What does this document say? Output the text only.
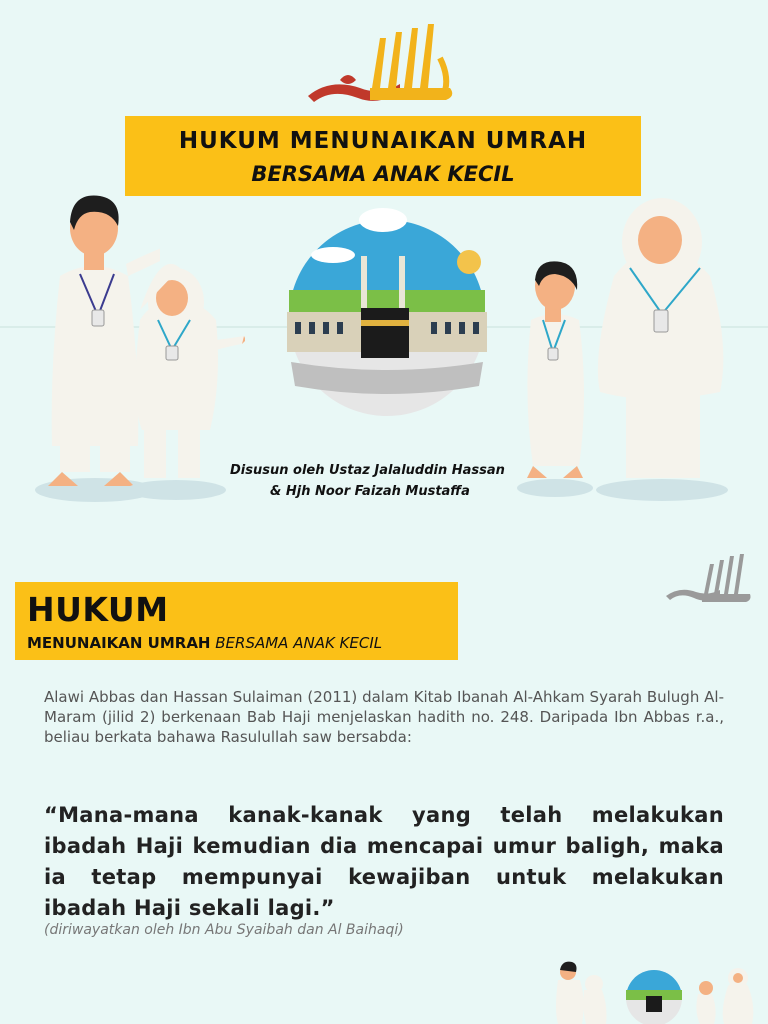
HUKUM MENUNAIKAN UMRAH
BERSAMA ANAK KECIL
Disusun oleh Ustaz Jalaluddin Hassan
& Hjh Noor Faizah Mustaffa
HUKUM
MENUNAIKAN UMRAH BERSAMA ANAK KECIL
Alawi Abbas dan Hassan Sulaiman (2011) dalam Kitab Ibanah Al-Ahkam Syarah Bulugh Al-Maram (jilid 2) berkenaan Bab Haji menjelaskan hadith no. 248. Daripada Ibn Abbas r.a., beliau berkata bahawa Rasulullah saw bersabda:
“Mana-mana kanak-kanak yang telah melakukan ibadah Haji kemudian dia mencapai umur baligh, maka ia tetap mempunyai kewajiban untuk melakukan ibadah Haji sekali lagi.”
(diriwayatkan oleh Ibn Abu Syaibah dan Al Baihaqi)
